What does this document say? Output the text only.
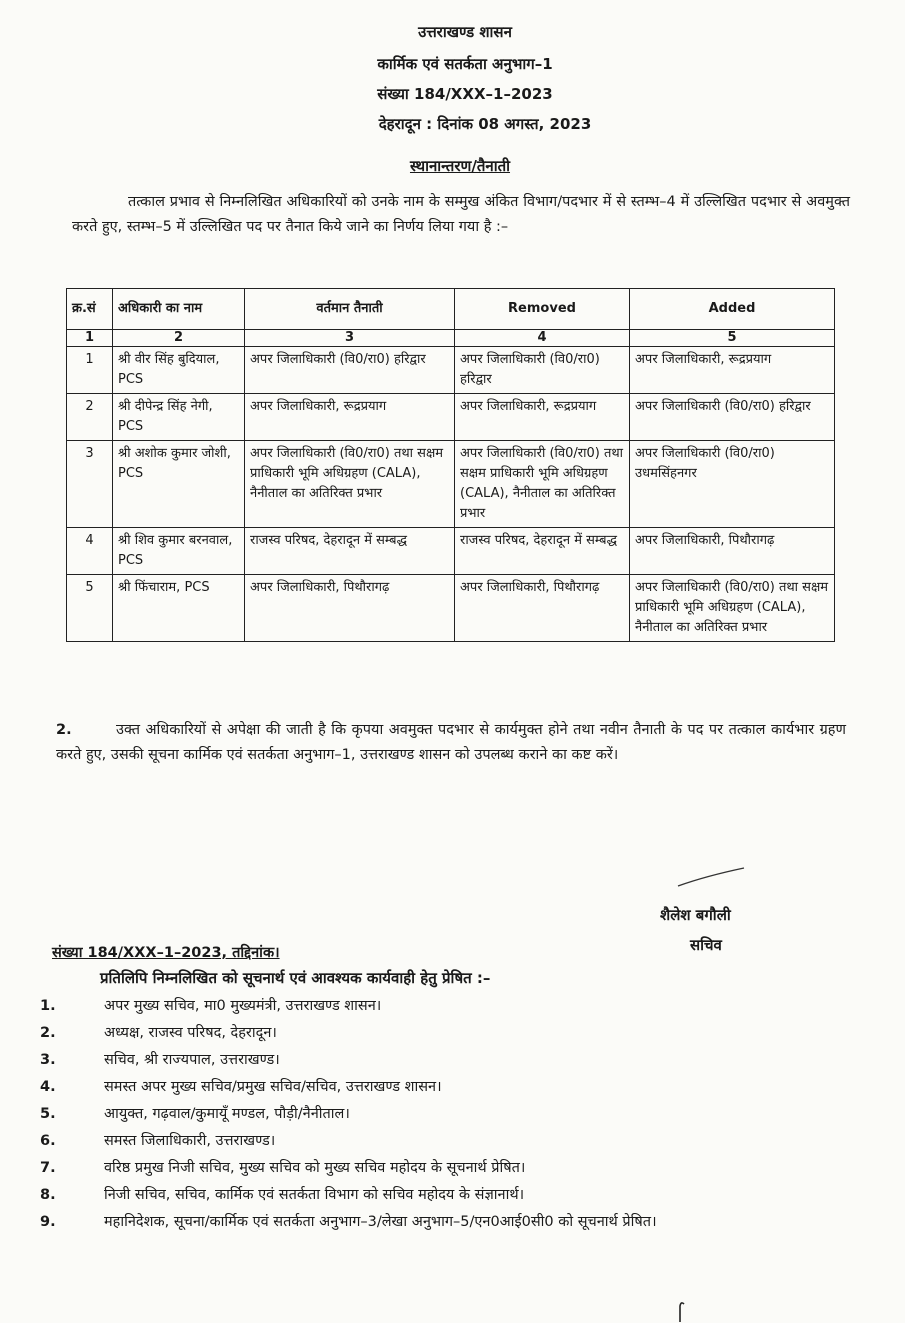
उत्तराखण्ड शासन
कार्मिक एवं सतर्कता अनुभाग–1
संख्या 184/XXX–1–2023
देहरादून : दिनांक 08 अगस्त, 2023
स्थानान्तरण/तैनाती
तत्काल प्रभाव से निम्नलिखित अधिकारियों को उनके नाम के सम्मुख अंकित विभाग/पदभार में से स्तम्भ–4 में उल्लिखित पदभार से अवमुक्त करते हुए, स्तम्भ–5 में उल्लिखित पद पर तैनात किये जाने का निर्णय लिया गया है :–
क्र.सं	अधिकारी का नाम	वर्तमान तैनाती	Removed	Added
1	2	3	4	5
1	श्री वीर सिंह बुदियाल, PCS	अपर जिलाधिकारी (वि0/रा0) हरिद्वार	अपर जिलाधिकारी (वि0/रा0) हरिद्वार	अपर जिलाधिकारी, रूद्रप्रयाग
2	श्री दीपेन्द्र सिंह नेगी, PCS	अपर जिलाधिकारी, रूद्रप्रयाग	अपर जिलाधिकारी, रूद्रप्रयाग	अपर जिलाधिकारी (वि0/रा0) हरिद्वार
3	श्री अशोक कुमार जोशी, PCS	अपर जिलाधिकारी (वि0/रा0) तथा सक्षम प्राधिकारी भूमि अधिग्रहण (CALA), नैनीताल का अतिरिक्त प्रभार	अपर जिलाधिकारी (वि0/रा0) तथा सक्षम प्राधिकारी भूमि अधिग्रहण (CALA), नैनीताल का अतिरिक्त प्रभार	अपर जिलाधिकारी (वि0/रा0) उधमसिंहनगर
4	श्री शिव कुमार बरनवाल, PCS	राजस्व परिषद, देहरादून में सम्बद्ध	राजस्व परिषद, देहरादून में सम्बद्ध	अपर जिलाधिकारी, पिथौरागढ़
5	श्री फिंचाराम, PCS	अपर जिलाधिकारी, पिथौरागढ़	अपर जिलाधिकारी, पिथौरागढ़	अपर जिलाधिकारी (वि0/रा0) तथा सक्षम प्राधिकारी भूमि अधिग्रहण (CALA), नैनीताल का अतिरिक्त प्रभार
2.	उक्त अधिकारियों से अपेक्षा की जाती है कि कृपया अवमुक्त पदभार से कार्यमुक्त होने तथा नवीन तैनाती के पद पर तत्काल कार्यभार ग्रहण करते हुए, उसकी सूचना कार्मिक एवं सतर्कता अनुभाग–1, उत्तराखण्ड शासन को उपलब्ध कराने का कष्ट करें।
शैलेश बगौली
सचिव
संख्या 184/XXX–1–2023, तद्दिनांक।
प्रतिलिपि निम्नलिखित को सूचनार्थ एवं आवश्यक कार्यवाही हेतु प्रेषित :–
1.	अपर मुख्य सचिव, मा0 मुख्यमंत्री, उत्तराखण्ड शासन।
2.	अध्यक्ष, राजस्व परिषद, देहरादून।
3.	सचिव, श्री राज्यपाल, उत्तराखण्ड।
4.	समस्त अपर मुख्य सचिव/प्रमुख सचिव/सचिव, उत्तराखण्ड शासन।
5.	आयुक्त, गढ़वाल/कुमायूँ मण्डल, पौड़ी/नैनीताल।
6.	समस्त जिलाधिकारी, उत्तराखण्ड।
7.	वरिष्ठ प्रमुख निजी सचिव, मुख्य सचिव को मुख्य सचिव महोदय के सूचनार्थ प्रेषित।
8.	निजी सचिव, सचिव, कार्मिक एवं सतर्कता विभाग को सचिव महोदय के संज्ञानार्थ।
9.	महानिदेशक, सूचना/कार्मिक एवं सतर्कता अनुभाग–3/लेखा अनुभाग–5/एन0आई0सी0 को सूचनार्थ प्रेषित।
